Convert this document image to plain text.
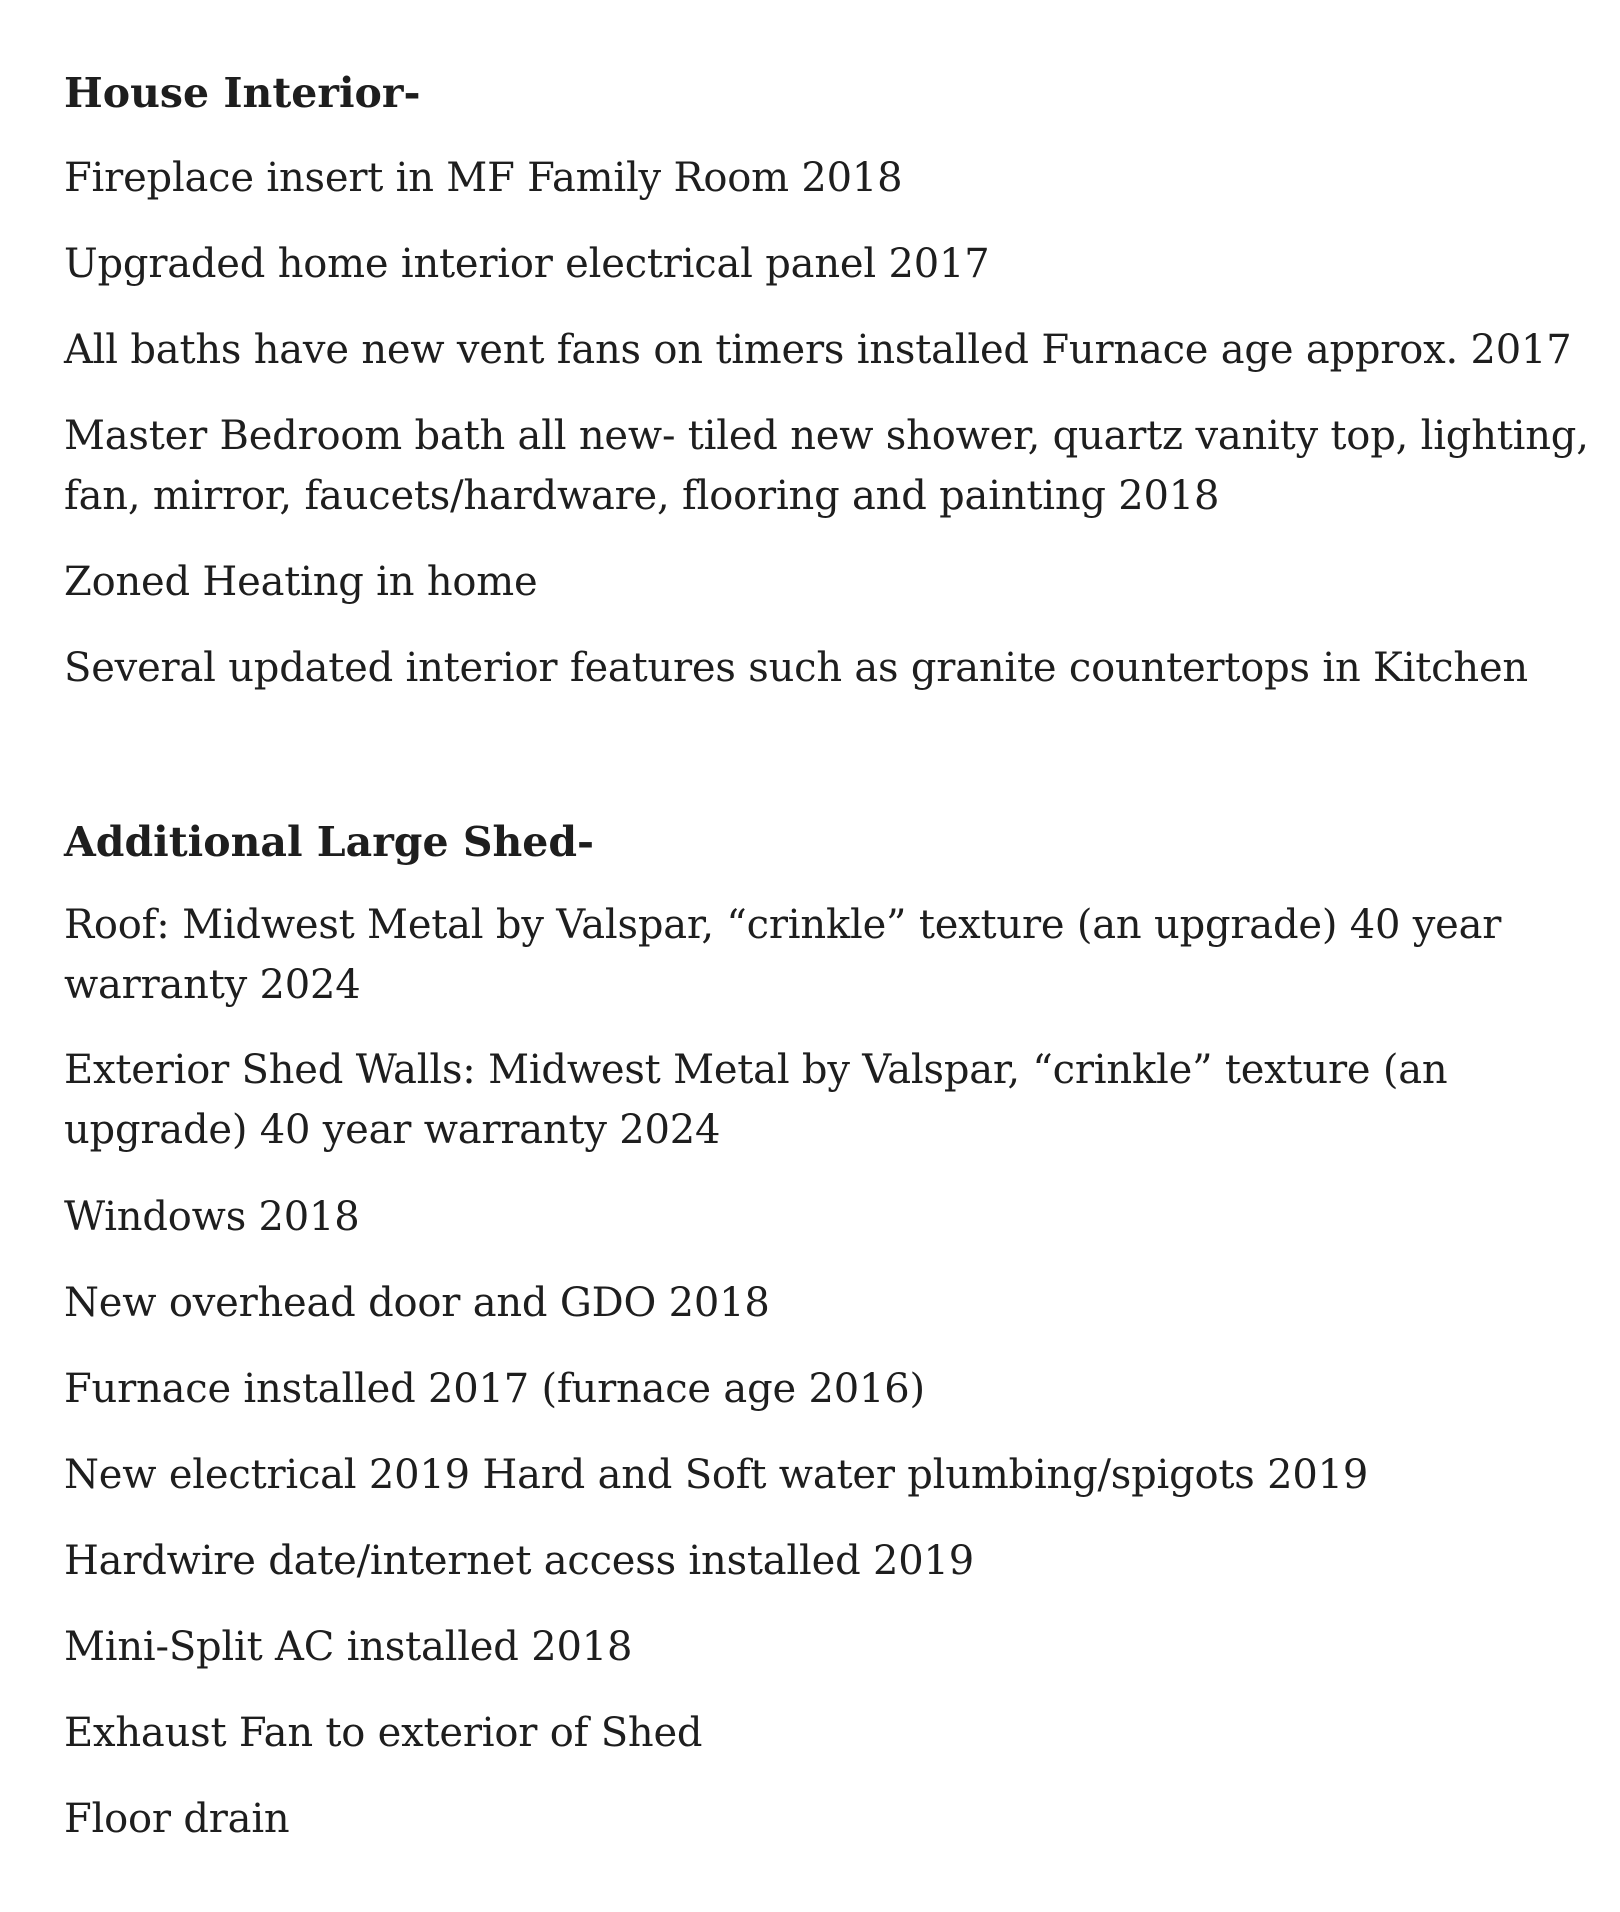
House Interior-

Fireplace insert in MF Family Room 2018

Upgraded home interior electrical panel 2017

All baths have new vent fans on timers installed Furnace age approx. 2017

Master Bedroom bath all new- tiled new shower, quartz vanity top, lighting, fan, mirror, faucets/hardware, flooring and painting 2018

Zoned Heating in home

Several updated interior features such as granite countertops in Kitchen

Additional Large Shed-

Roof: Midwest Metal by Valspar, “crinkle” texture (an upgrade) 40 year warranty 2024

Exterior Shed Walls: Midwest Metal by Valspar, “crinkle” texture (an upgrade) 40 year warranty 2024

Windows 2018

New overhead door and GDO 2018

Furnace installed 2017 (furnace age 2016)

New electrical 2019 Hard and Soft water plumbing/spigots 2019

Hardwire date/internet access installed 2019

Mini-Split AC installed 2018

Exhaust Fan to exterior of Shed

Floor drain
